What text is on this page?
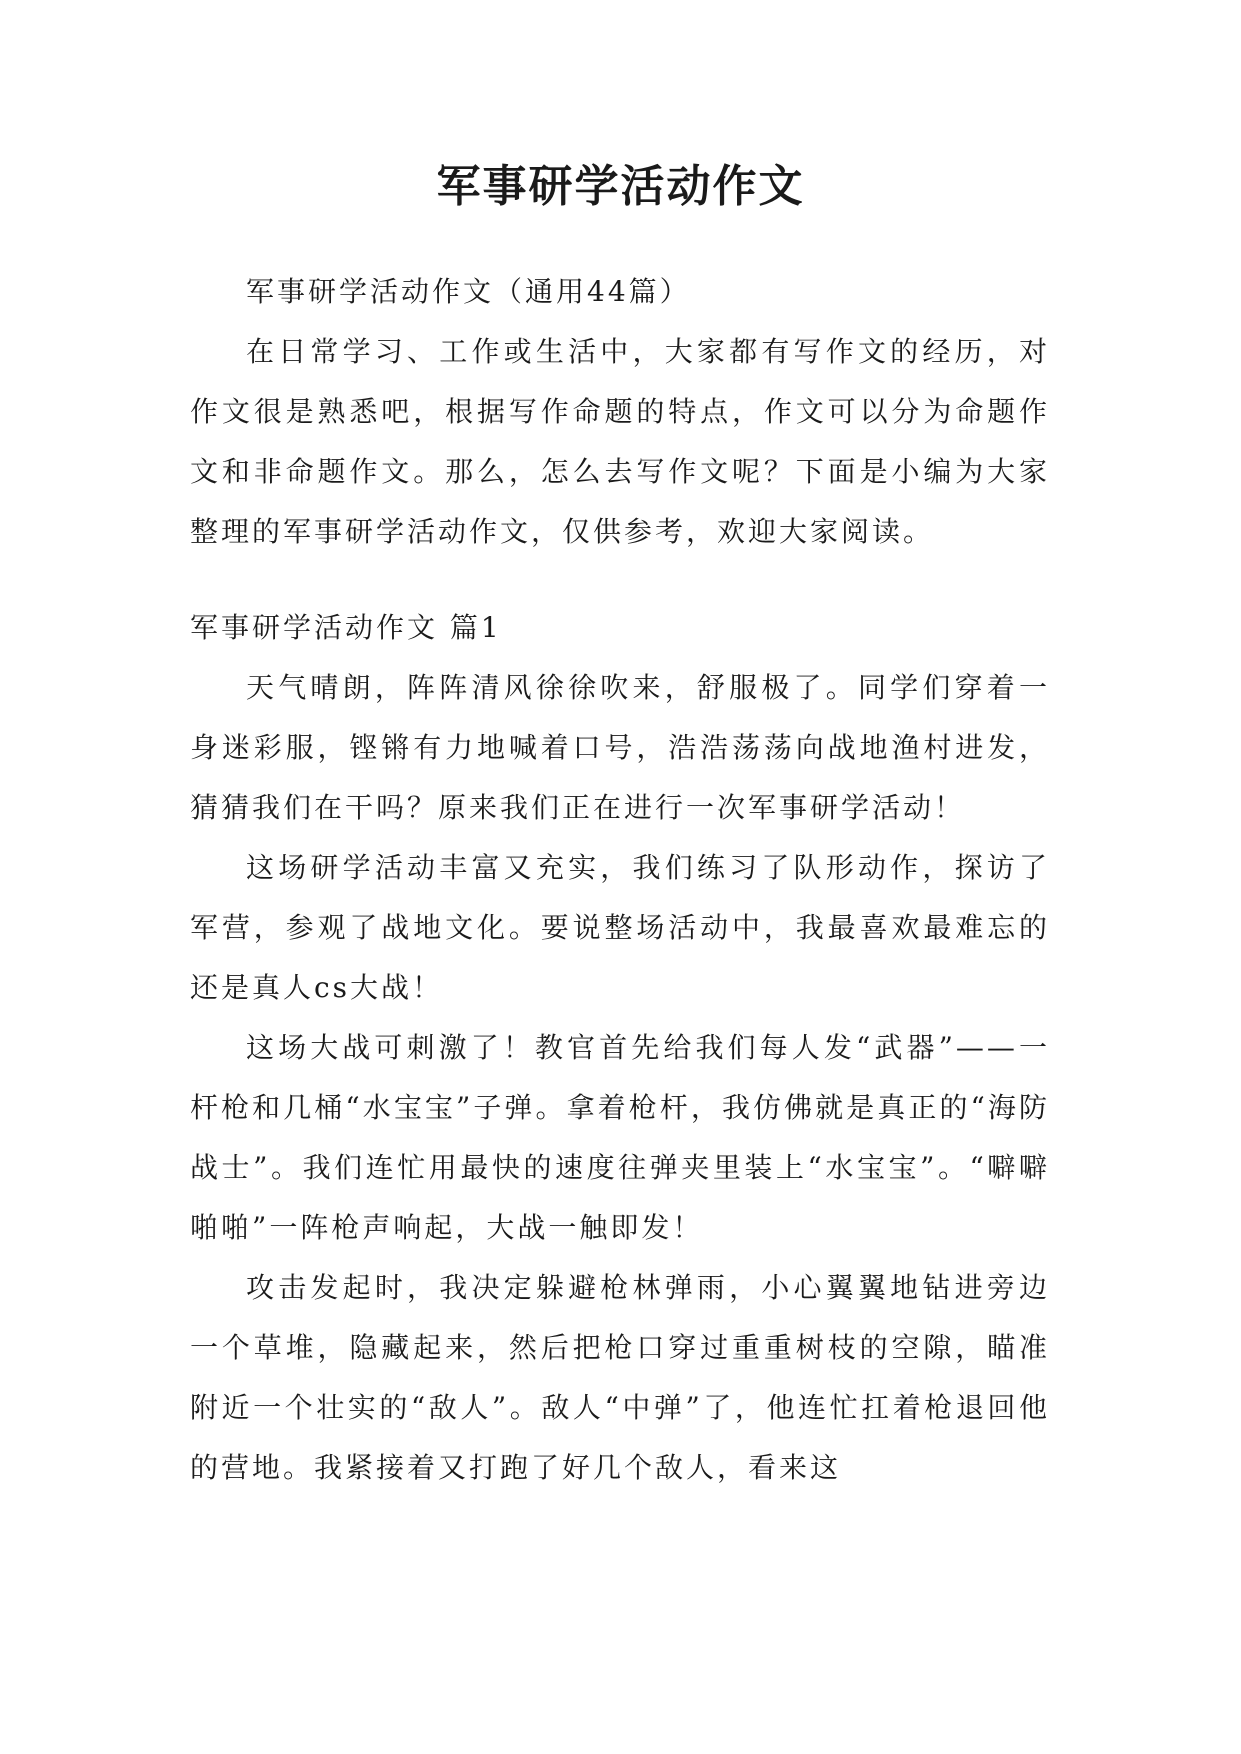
军事研学活动作文

军事研学活动作文（通用44篇）

在日常学习、工作或生活中，大家都有写作文的经历，对作文很是熟悉吧，根据写作命题的特点，作文可以分为命题作文和非命题作文。那么，怎么去写作文呢？下面是小编为大家整理的军事研学活动作文，仅供参考，欢迎大家阅读。

军事研学活动作文 篇1

天气晴朗，阵阵清风徐徐吹来，舒服极了。同学们穿着一身迷彩服，铿锵有力地喊着口号，浩浩荡荡向战地渔村进发，猜猜我们在干吗？原来我们正在进行一次军事研学活动！

这场研学活动丰富又充实，我们练习了队形动作，探访了军营，参观了战地文化。要说整场活动中，我最喜欢最难忘的还是真人cs大战！

这场大战可刺激了！教官首先给我们每人发“武器”——一杆枪和几桶“水宝宝”子弹。拿着枪杆，我仿佛就是真正的“海防战士”。我们连忙用最快的速度往弹夹里装上“水宝宝”。“噼噼啪啪”一阵枪声响起，大战一触即发！

攻击发起时，我决定躲避枪林弹雨，小心翼翼地钻进旁边一个草堆，隐藏起来，然后把枪口穿过重重树枝的空隙，瞄准附近一个壮实的“敌人”。敌人“中弹”了，他连忙扛着枪退回他的营地。我紧接着又打跑了好几个敌人，看来这
